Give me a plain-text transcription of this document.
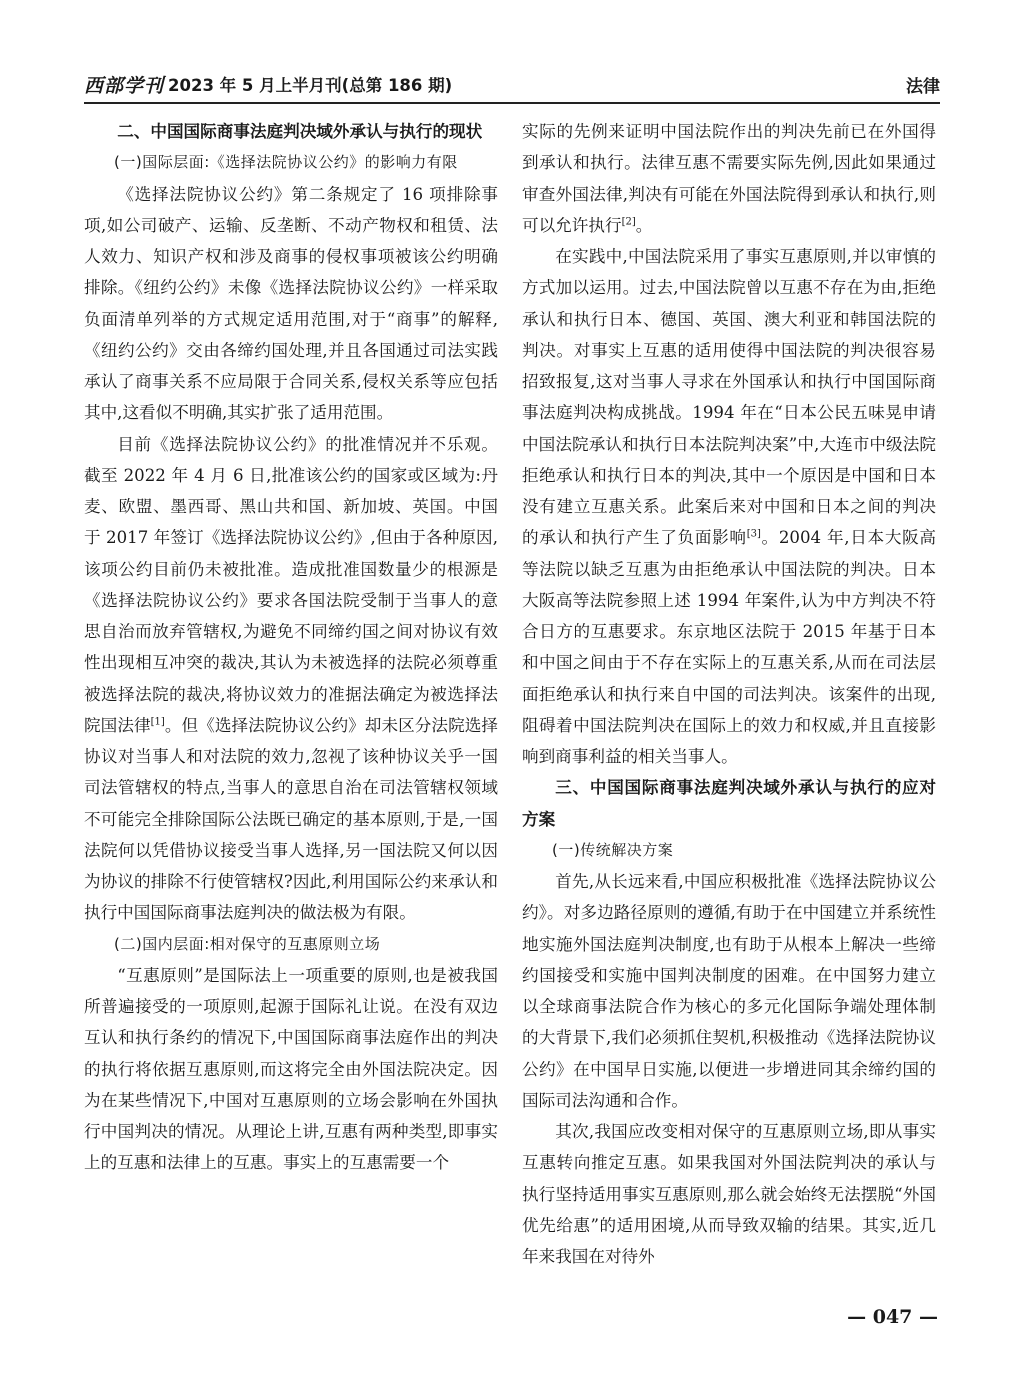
西部学刊 2023 年 5 月上半月刊(总第 186 期)	法律

二、中国国际商事法庭判决域外承认与执行的现状

(一)国际层面:《选择法院协议公约》的影响力有限

《选择法院协议公约》第二条规定了 16 项排除事项,如公司破产、运输、反垄断、不动产物权和租赁、法人效力、知识产权和涉及商事的侵权事项被该公约明确排除。《纽约公约》未像《选择法院协议公约》一样采取负面清单列举的方式规定适用范围,对于“商事”的解释,《纽约公约》交由各缔约国处理,并且各国通过司法实践承认了商事关系不应局限于合同关系,侵权关系等应包括其中,这看似不明确,其实扩张了适用范围。

目前《选择法院协议公约》的批准情况并不乐观。截至 2022 年 4 月 6 日,批准该公约的国家或区域为:丹麦、欧盟、墨西哥、黑山共和国、新加坡、英国。中国于 2017 年签订《选择法院协议公约》,但由于各种原因,该项公约目前仍未被批准。造成批准国数量少的根源是《选择法院协议公约》要求各国法院受制于当事人的意思自治而放弃管辖权,为避免不同缔约国之间对协议有效性出现相互冲突的裁决,其认为未被选择的法院必须尊重被选择法院的裁决,将协议效力的准据法确定为被选择法院国法律[1]。但《选择法院协议公约》却未区分法院选择协议对当事人和对法院的效力,忽视了该种协议关乎一国司法管辖权的特点,当事人的意思自治在司法管辖权领域不可能完全排除国际公法既已确定的基本原则,于是,一国法院何以凭借协议接受当事人选择,另一国法院又何以因为协议的排除不行使管辖权?因此,利用国际公约来承认和执行中国国际商事法庭判决的做法极为有限。

(二)国内层面:相对保守的互惠原则立场

“互惠原则”是国际法上一项重要的原则,也是被我国所普遍接受的一项原则,起源于国际礼让说。在没有双边互认和执行条约的情况下,中国国际商事法庭作出的判决的执行将依据互惠原则,而这将完全由外国法院决定。因为在某些情况下,中国对互惠原则的立场会影响在外国执行中国判决的情况。从理论上讲,互惠有两种类型,即事实上的互惠和法律上的互惠。事实上的互惠需要一个

实际的先例来证明中国法院作出的判决先前已在外国得到承认和执行。法律互惠不需要实际先例,因此如果通过审查外国法律,判决有可能在外国法院得到承认和执行,则可以允许执行[2]。

在实践中,中国法院采用了事实互惠原则,并以审慎的方式加以运用。过去,中国法院曾以互惠不存在为由,拒绝承认和执行日本、德国、英国、澳大利亚和韩国法院的判决。对事实上互惠的适用使得中国法院的判决很容易招致报复,这对当事人寻求在外国承认和执行中国国际商事法庭判决构成挑战。1994 年在“日本公民五味晃申请中国法院承认和执行日本法院判决案”中,大连市中级法院拒绝承认和执行日本的判决,其中一个原因是中国和日本没有建立互惠关系。此案后来对中国和日本之间的判决的承认和执行产生了负面影响[3]。2004 年,日本大阪高等法院以缺乏互惠为由拒绝承认中国法院的判决。日本大阪高等法院参照上述 1994 年案件,认为中方判决不符合日方的互惠要求。东京地区法院于 2015 年基于日本和中国之间由于不存在实际上的互惠关系,从而在司法层面拒绝承认和执行来自中国的司法判决。该案件的出现,阻碍着中国法院判决在国际上的效力和权威,并且直接影响到商事利益的相关当事人。

三、中国国际商事法庭判决域外承认与执行的应对方案

(一)传统解决方案

首先,从长远来看,中国应积极批准《选择法院协议公约》。对多边路径原则的遵循,有助于在中国建立并系统性地实施外国法庭判决制度,也有助于从根本上解决一些缔约国接受和实施中国判决制度的困难。在中国努力建立以全球商事法院合作为核心的多元化国际争端处理体制的大背景下,我们必须抓住契机,积极推动《选择法院协议公约》在中国早日实施,以便进一步增进同其余缔约国的国际司法沟通和合作。

其次,我国应改变相对保守的互惠原则立场,即从事实互惠转向推定互惠。如果我国对外国法院判决的承认与执行坚持适用事实互惠原则,那么就会始终无法摆脱“外国优先给惠”的适用困境,从而导致双输的结果。其实,近几年来我国在对待外

— 047 —
